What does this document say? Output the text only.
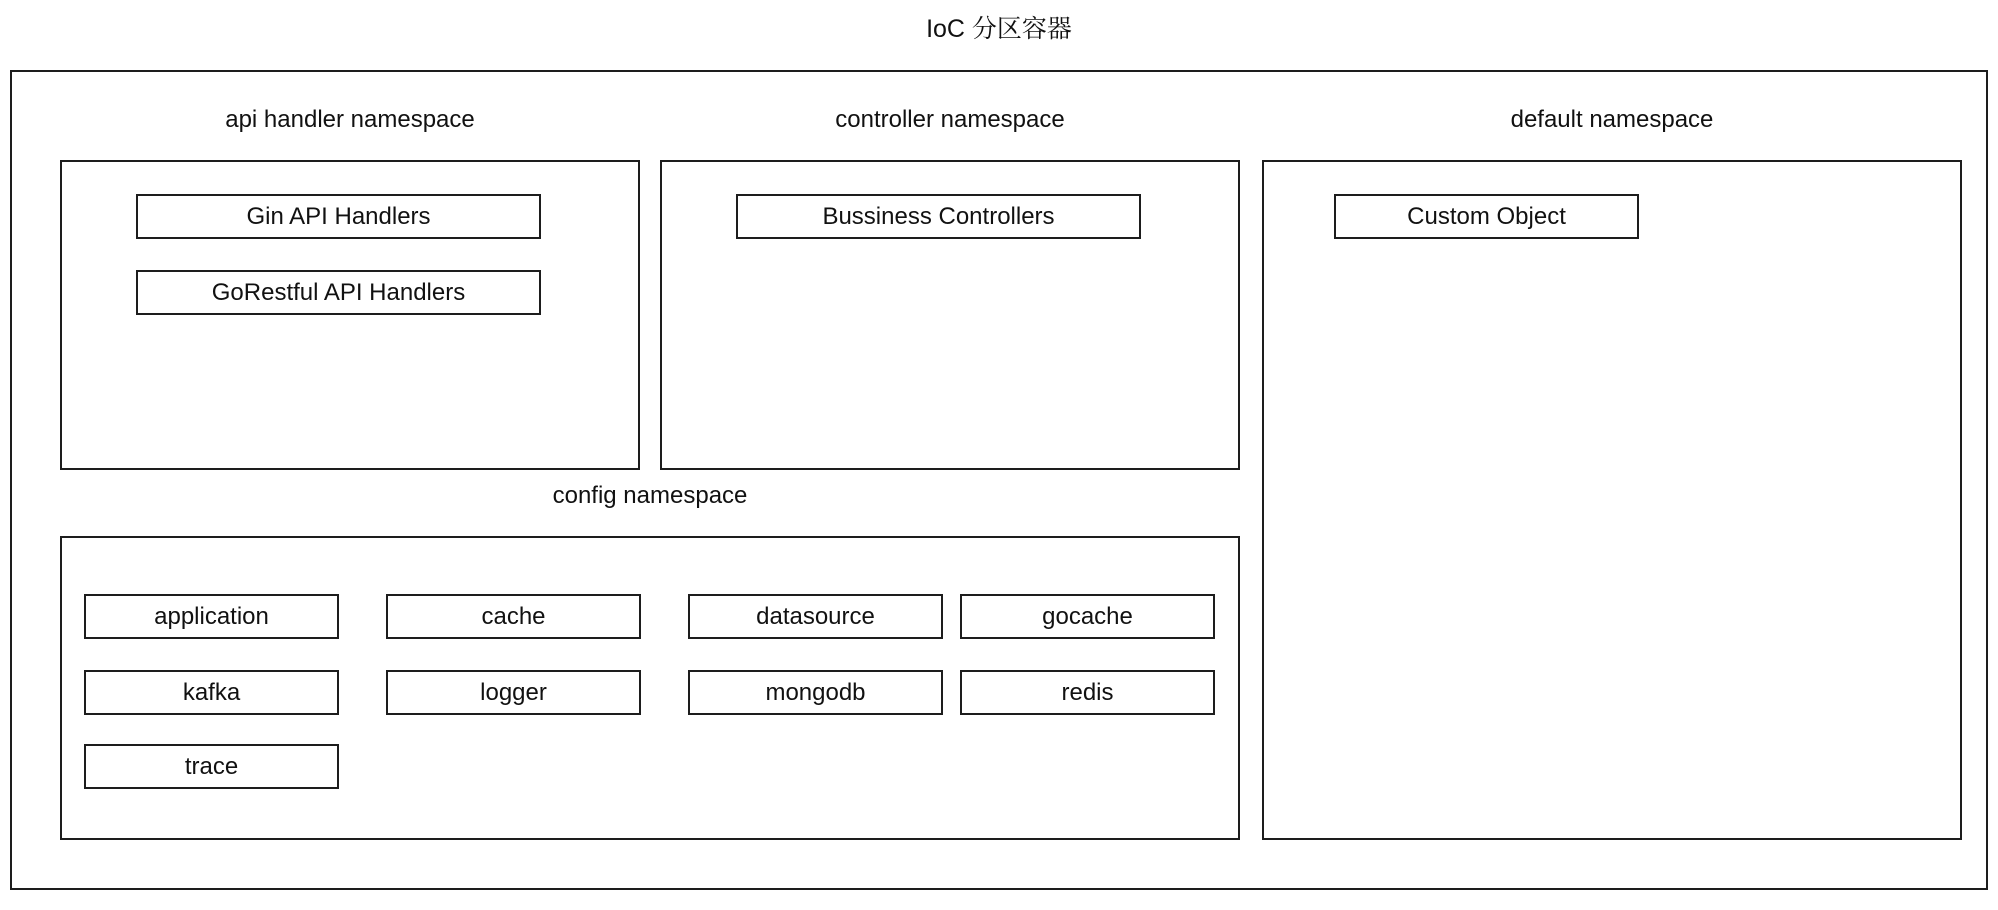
IoC 分区容器
api handler namespace
Gin API Handlers
GoRestful API Handlers
controller namespace
Bussiness Controllers
default namespace
Custom Object
config namespace
application	cache	datasource	gocache
kafka	logger	mongodb	redis
trace
